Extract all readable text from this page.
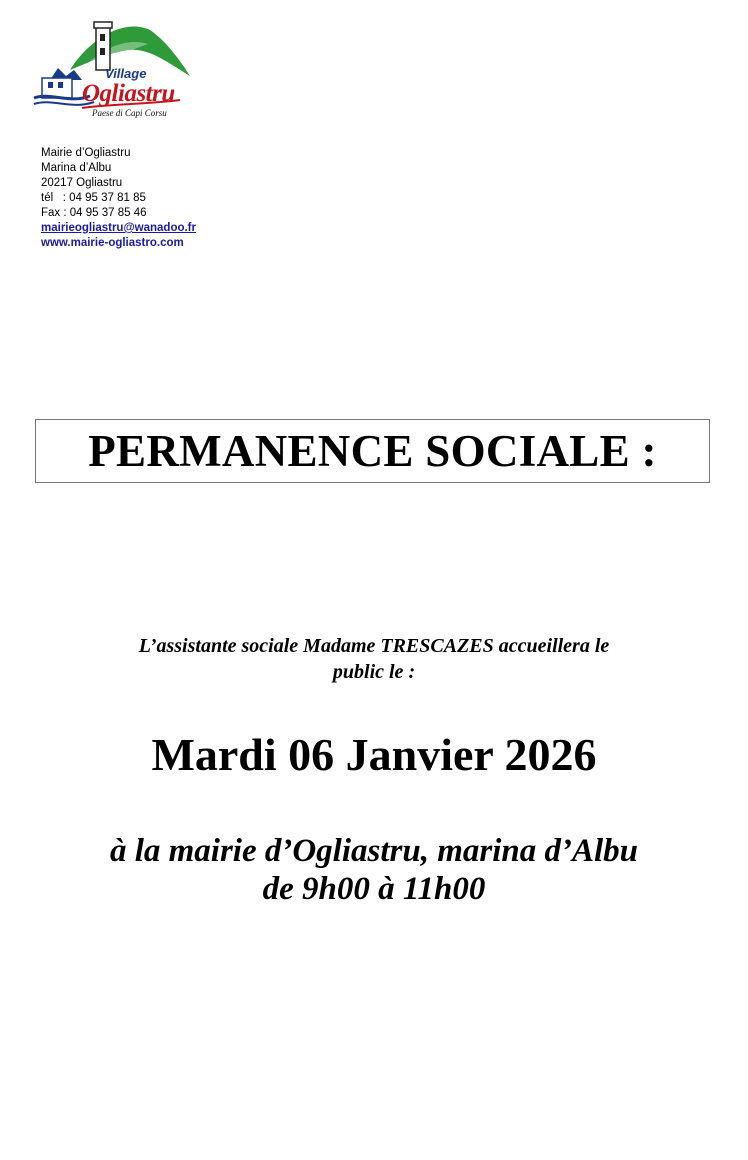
Village
Ogliastru
Paese di Capi Corsu
Mairie d’Ogliastru
Marina d’Albu
20217 Ogliastru
tél   : 04 95 37 81 85
Fax : 04 95 37 85 46
mairieogliastru@wanadoo.fr
www.mairie-ogliastro.com
PERMANENCE SOCIALE :
L’assistante sociale Madame TRESCAZES accueillera le
public le :
Mardi 06 Janvier 2026
à la mairie d’Ogliastru, marina d’Albu
de 9h00 à 11h00
